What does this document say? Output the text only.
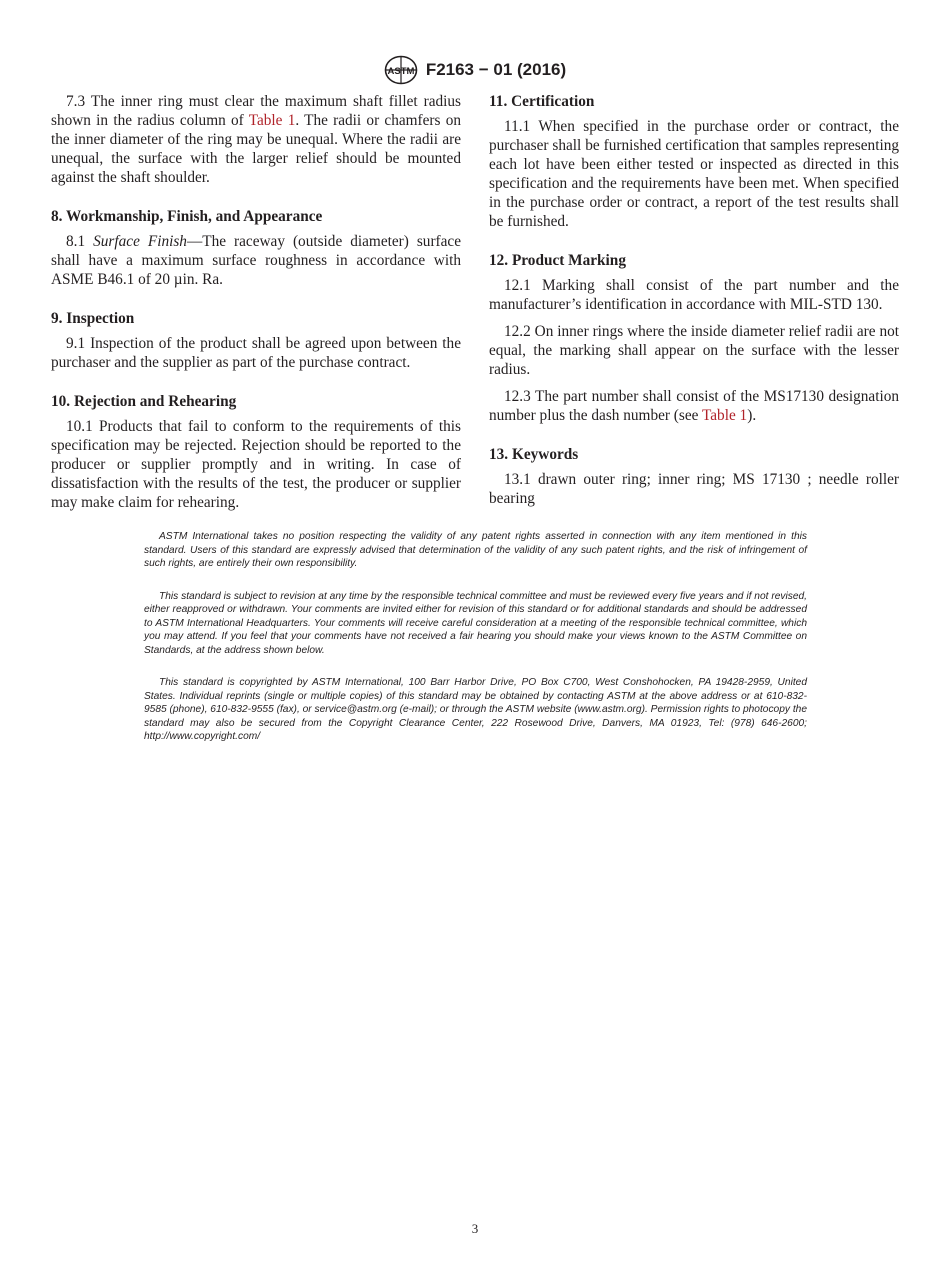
ASTM F2163 − 01 (2016)

7.3 The inner ring must clear the maximum shaft fillet radius shown in the radius column of Table 1. The radii or chamfers on the inner diameter of the ring may be unequal. Where the radii are unequal, the surface with the larger relief should be mounted against the shaft shoulder.

8. Workmanship, Finish, and Appearance

8.1 Surface Finish—The raceway (outside diameter) surface shall have a maximum surface roughness in accordance with ASME B46.1 of 20 µin. Ra.

9. Inspection

9.1 Inspection of the product shall be agreed upon between the purchaser and the supplier as part of the purchase contract.

10. Rejection and Rehearing

10.1 Products that fail to conform to the requirements of this specification may be rejected. Rejection should be reported to the producer or supplier promptly and in writing. In case of dissatisfaction with the results of the test, the producer or supplier may make claim for rehearing.

11. Certification

11.1 When specified in the purchase order or contract, the purchaser shall be furnished certification that samples representing each lot have been either tested or inspected as directed in this specification and the requirements have been met. When specified in the purchase order or contract, a report of the test results shall be furnished.

12. Product Marking

12.1 Marking shall consist of the part number and the manufacturer’s identification in accordance with MIL-STD 130.

12.2 On inner rings where the inside diameter relief radii are not equal, the marking shall appear on the surface with the lesser radius.

12.3 The part number shall consist of the MS17130 designation number plus the dash number (see Table 1).

13. Keywords

13.1 drawn outer ring; inner ring; MS 17130 ; needle roller bearing

ASTM International takes no position respecting the validity of any patent rights asserted in connection with any item mentioned in this standard. Users of this standard are expressly advised that determination of the validity of any such patent rights, and the risk of infringement of such rights, are entirely their own responsibility.

This standard is subject to revision at any time by the responsible technical committee and must be reviewed every five years and if not revised, either reapproved or withdrawn. Your comments are invited either for revision of this standard or for additional standards and should be addressed to ASTM International Headquarters. Your comments will receive careful consideration at a meeting of the responsible technical committee, which you may attend. If you feel that your comments have not received a fair hearing you should make your views known to the ASTM Committee on Standards, at the address shown below.

This standard is copyrighted by ASTM International, 100 Barr Harbor Drive, PO Box C700, West Conshohocken, PA 19428-2959, United States. Individual reprints (single or multiple copies) of this standard may be obtained by contacting ASTM at the above address or at 610-832-9585 (phone), 610-832-9555 (fax), or service@astm.org (e-mail); or through the ASTM website (www.astm.org). Permission rights to photocopy the standard may also be secured from the Copyright Clearance Center, 222 Rosewood Drive, Danvers, MA 01923, Tel: (978) 646-2600; http://www.copyright.com/

3
